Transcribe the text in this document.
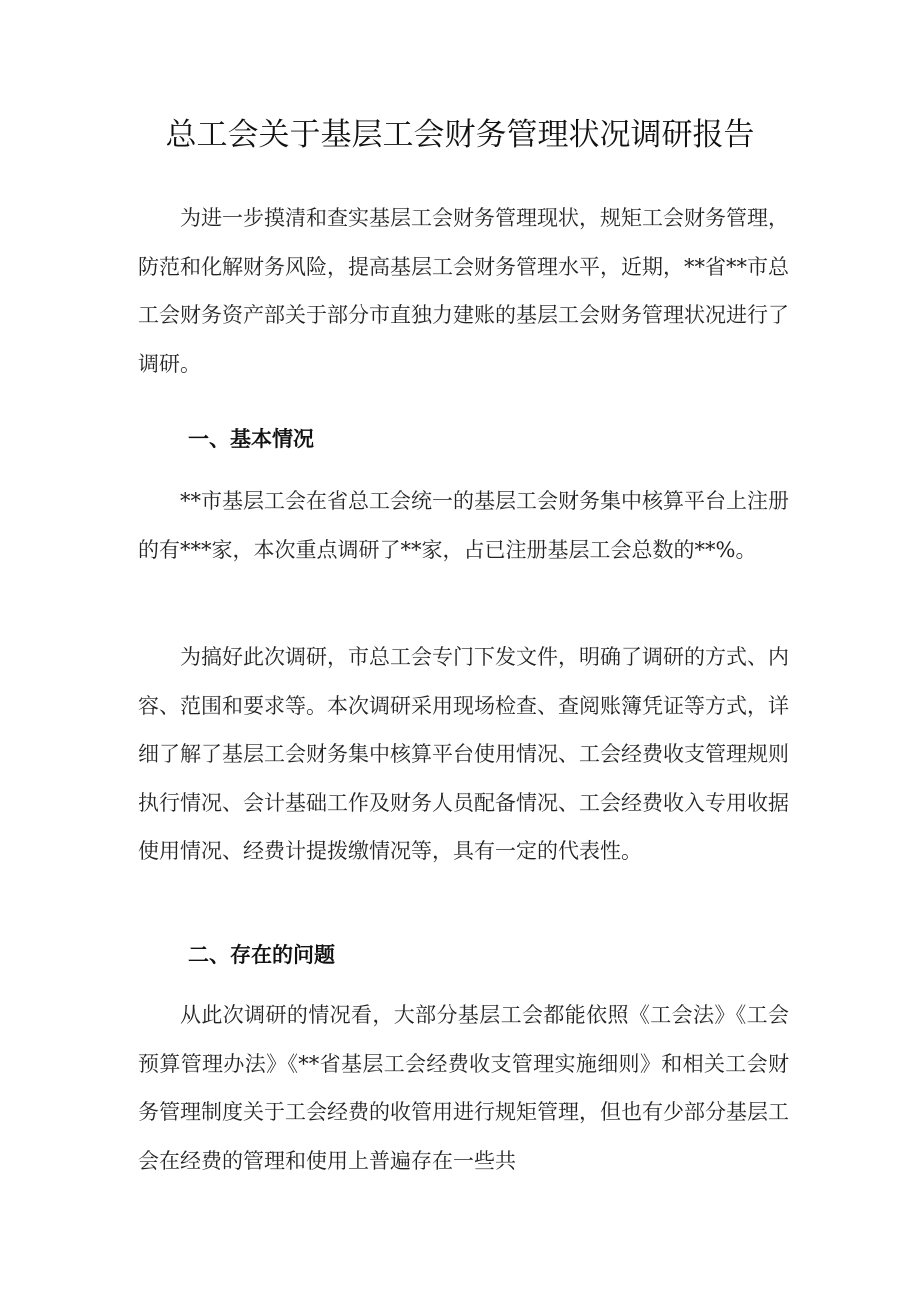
总工会关于基层工会财务管理状况调研报告

为进一步摸清和查实基层工会财务管理现状，规矩工会财务管理，防范和化解财务风险，提高基层工会财务管理水平，近期，**省**市总工会财务资产部关于部分市直独力建账的基层工会财务管理状况进行了调研。

一、基本情况

**市基层工会在省总工会统一的基层工会财务集中核算平台上注册的有***家，本次重点调研了**家，占已注册基层工会总数的**%。

为搞好此次调研，市总工会专门下发文件，明确了调研的方式、内容、范围和要求等。本次调研采用现场检查、查阅账簿凭证等方式，详细了解了基层工会财务集中核算平台使用情况、工会经费收支管理规则执行情况、会计基础工作及财务人员配备情况、工会经费收入专用收据使用情况、经费计提拨缴情况等，具有一定的代表性。

二、存在的问题

从此次调研的情况看，大部分基层工会都能依照《工会法》《工会预算管理办法》《**省基层工会经费收支管理实施细则》和相关工会财务管理制度关于工会经费的收管用进行规矩管理，但也有少部分基层工会在经费的管理和使用上普遍存在一些共
